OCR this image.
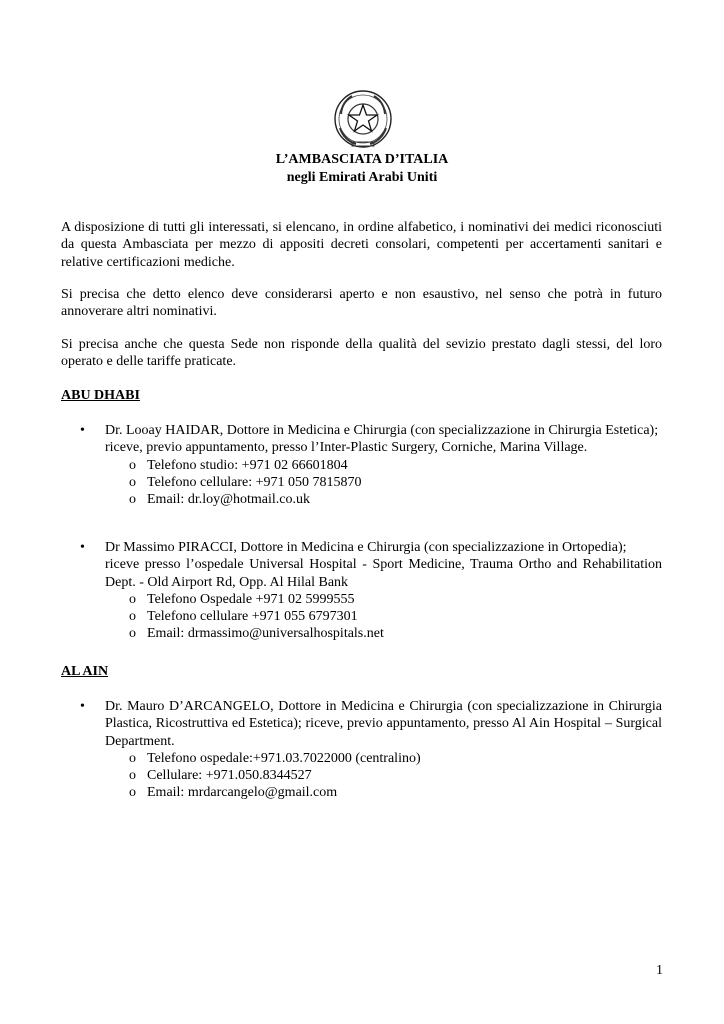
L’AMBASCIATA D’ITALIA
negli Emirati Arabi Uniti
A disposizione di tutti gli interessati, si elencano, in ordine alfabetico, i nominativi dei medici riconosciuti da questa Ambasciata per mezzo di appositi decreti consolari, competenti per accertamenti sanitari e relative certificazioni mediche.
Si precisa che detto elenco deve considerarsi aperto e non esaustivo, nel senso che potrà in futuro annoverare altri nominativi.
Si precisa anche che questa Sede non risponde della qualità del sevizio prestato dagli stessi, del loro operato e delle tariffe praticate.
ABU DHABI
• Dr. Looay HAIDAR, Dottore in Medicina e Chirurgia (con specializzazione in Chirurgia Estetica);
riceve, previo appuntamento, presso l’Inter-Plastic Surgery, Corniche, Marina Village.
o Telefono studio: +971 02 66601804
o Telefono cellulare: +971 050 7815870
o Email: dr.loy@hotmail.co.uk
• Dr Massimo PIRACCI, Dottore in Medicina e Chirurgia (con specializzazione in Ortopedia);
riceve presso l’ospedale Universal Hospital - Sport Medicine, Trauma Ortho and Rehabilitation Dept. - Old Airport Rd, Opp. Al Hilal Bank
o Telefono Ospedale +971 02 5999555
o Telefono cellulare +971 055 6797301
o Email: drmassimo@universalhospitals.net
AL AIN
• Dr. Mauro D’ARCANGELO, Dottore in Medicina e Chirurgia (con specializzazione in Chirurgia Plastica, Ricostruttiva ed Estetica); riceve, previo appuntamento, presso Al Ain Hospital – Surgical Department.
o Telefono ospedale:+971.03.7022000 (centralino)
o Cellulare: +971.050.8344527
o Email: mrdarcangelo@gmail.com
1
